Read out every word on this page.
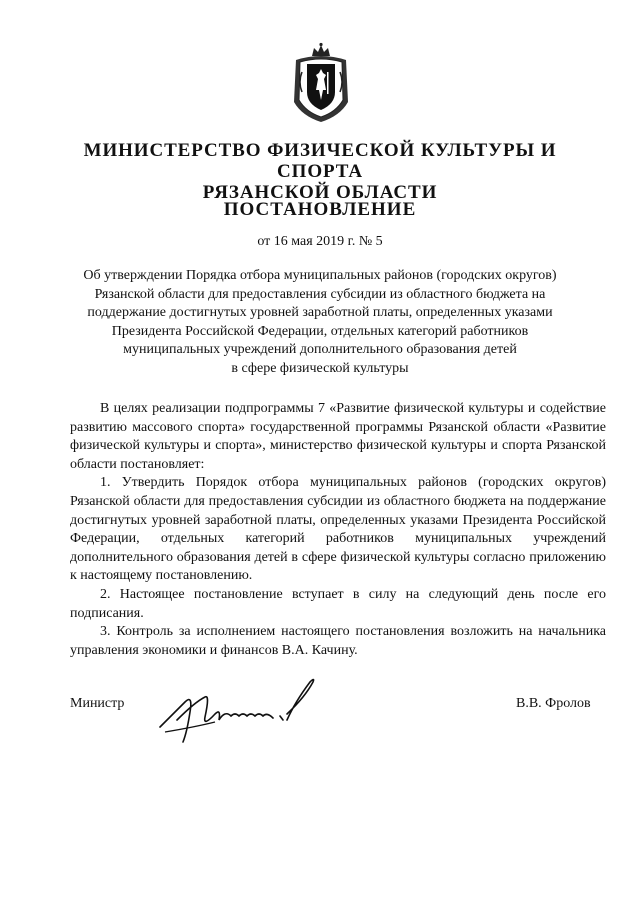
МИНИСТЕРСТВО ФИЗИЧЕСКОЙ КУЛЬТУРЫ И СПОРТА
РЯЗАНСКОЙ ОБЛАСТИ
ПОСТАНОВЛЕНИЕ
от 16 мая 2019 г. № 5
Об утверждении Порядка отбора муниципальных районов (городских округов)
Рязанской области для предоставления субсидии из областного бюджета на
поддержание достигнутых уровней заработной платы, определенных указами
Президента Российской Федерации, отдельных категорий работников
муниципальных учреждений дополнительного образования детей
в сфере физической культуры

В целях реализации подпрограммы 7 «Развитие физической культуры и содействие развитию массового спорта» государственной программы Рязанской области «Развитие физической культуры и спорта», министерство физической культуры и спорта Рязанской области постановляет:

1. Утвердить Порядок отбора муниципальных районов (городских округов) Рязанской области для предоставления субсидии из областного бюджета на поддержание достигнутых уровней заработной платы, определенных указами Президента Российской Федерации, отдельных категорий работников муниципальных учреждений дополнительного образования детей в сфере физической культуры согласно приложению к настоящему постановлению.

2. Настоящее постановление вступает в силу на следующий день после его подписания.

3. Контроль за исполнением настоящего постановления возложить на начальника управления экономики и финансов В.А. Качину.

Министр	В.В. Фролов
